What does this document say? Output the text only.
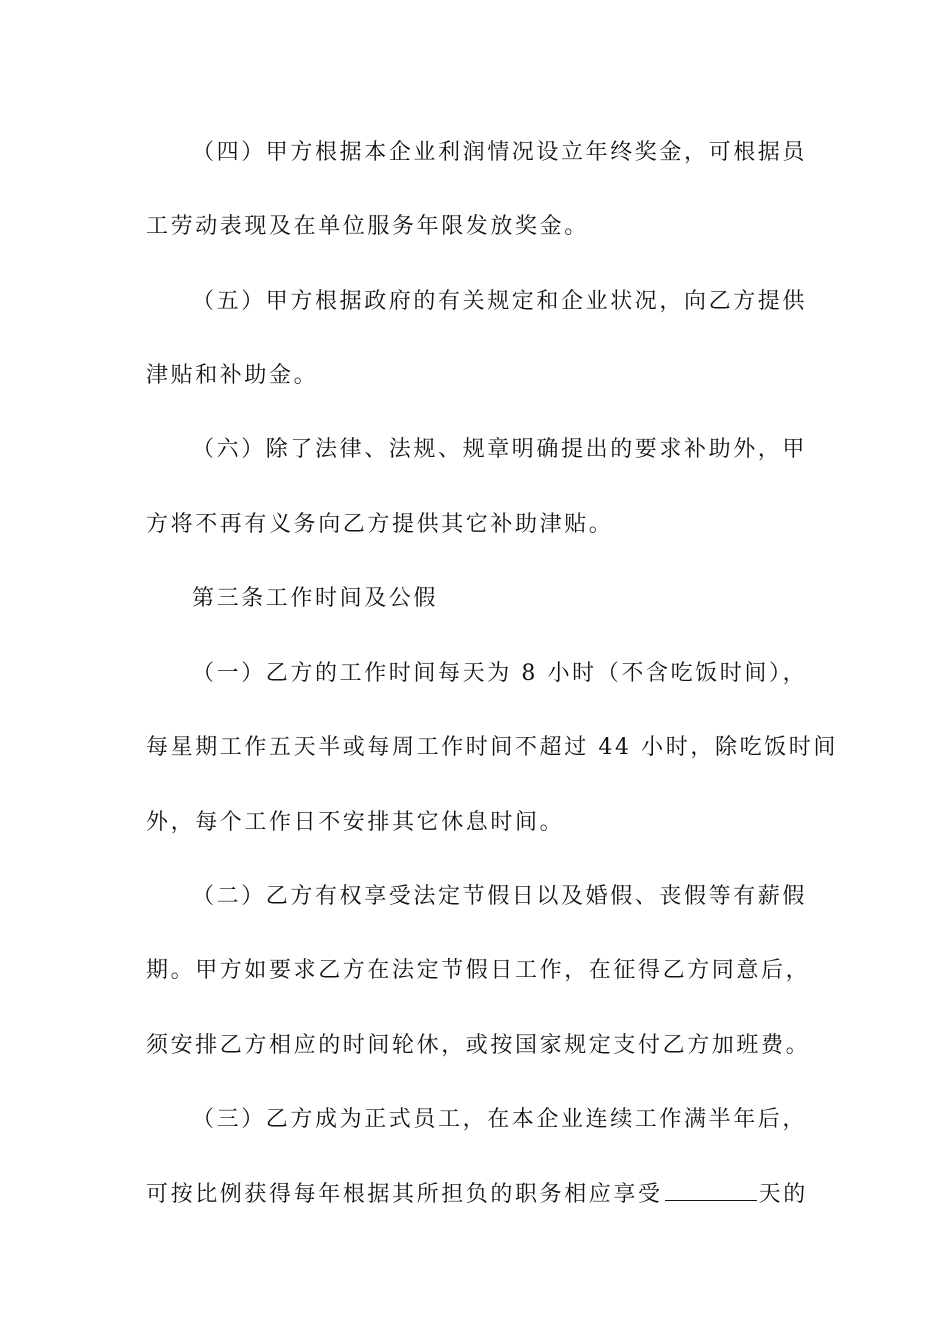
（四）甲方根据本企业利润情况设立年终奖金，可根据员
工劳动表现及在单位服务年限发放奖金。
（五）甲方根据政府的有关规定和企业状况，向乙方提供
津贴和补助金。
（六）除了法律、法规、规章明确提出的要求补助外，甲
方将不再有义务向乙方提供其它补助津贴。
第三条工作时间及公假
（一）乙方的工作时间每天为 8 小时（不含吃饭时间），
每星期工作五天半或每周工作时间不超过 44 小时，除吃饭时间
外，每个工作日不安排其它休息时间。
（二）乙方有权享受法定节假日以及婚假、丧假等有薪假
期。甲方如要求乙方在法定节假日工作，在征得乙方同意后，
须安排乙方相应的时间轮休，或按国家规定支付乙方加班费。
（三）乙方成为正式员工，在本企业连续工作满半年后，
可按比例获得每年根据其所担负的职务相应享受	天的
